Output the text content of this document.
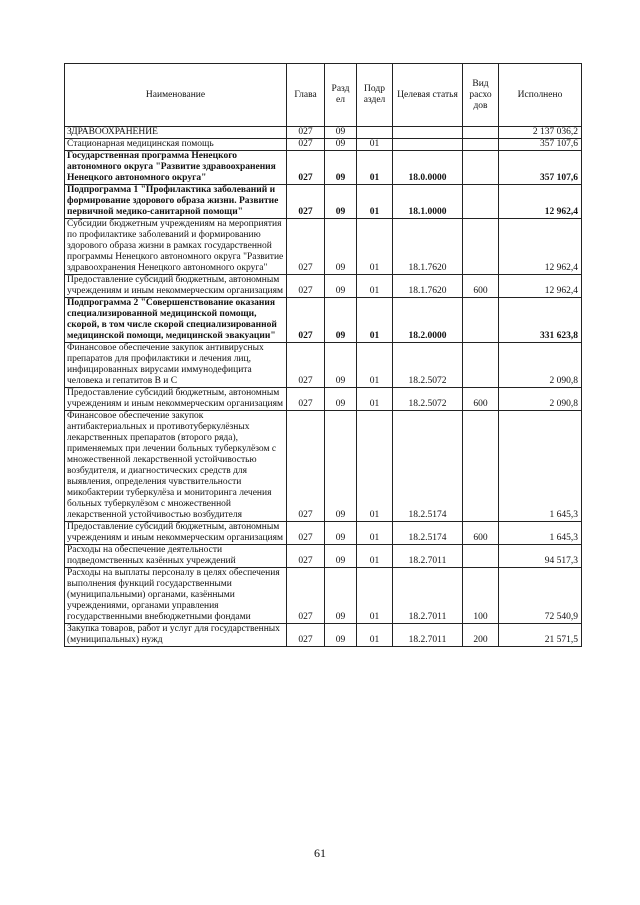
Наименование	Глава	Разд ел	Подр аздел	Целевая статья	Вид расхо дов	Исполнено
ЗДРАВООХРАНЕНИЕ	027	09				2 137 036,2
Стационарная медицинская помощь	027	09	01			357 107,6
Государственная программа Ненецкого автономного округа "Развитие здравоохранения Ненецкого автономного округа"	027	09	01	18.0.0000		357 107,6
Подпрограмма 1 "Профилактика заболеваний и формирование здорового образа жизни. Развитие первичной медико-санитарной помощи"	027	09	01	18.1.0000		12 962,4
Субсидии бюджетным учреждениям на мероприятия по профилактике заболеваний и формированию здорового образа жизни в рамках государственной программы Ненецкого автономного округа "Развитие здравоохранения Ненецкого автономного округа"	027	09	01	18.1.7620		12 962,4
Предоставление субсидий бюджетным, автономным учреждениям и иным некоммерческим организациям	027	09	01	18.1.7620	600	12 962,4
Подпрограмма 2 "Совершенствование оказания специализированной медицинской помощи, скорой, в том числе скорой специализированной медицинской помощи, медицинской эвакуации"	027	09	01	18.2.0000		331 623,8
Финансовое обеспечение закупок антивирусных препаратов для профилактики и лечения лиц, инфицированных вирусами иммунодефицита человека и гепатитов В и С	027	09	01	18.2.5072		2 090,8
Предоставление субсидий бюджетным, автономным учреждениям и иным некоммерческим организациям	027	09	01	18.2.5072	600	2 090,8
Финансовое обеспечение закупок антибактериальных и противотуберкулёзных лекарственных препаратов (второго ряда), применяемых при лечении больных туберкулёзом с множественной лекарственной устойчивостью возбудителя, и диагностических средств для выявления, определения чувствительности микобактерии туберкулёза и мониторинга лечения больных туберкулёзом с множественной лекарственной устойчивостью возбудителя	027	09	01	18.2.5174		1 645,3
Предоставление субсидий бюджетным, автономным учреждениям и иным некоммерческим организациям	027	09	01	18.2.5174	600	1 645,3
Расходы на обеспечение деятельности подведомственных казённых учреждений	027	09	01	18.2.7011		94 517,3
Расходы на выплаты персоналу в целях обеспечения выполнения функций государственными (муниципальными) органами, казёнными учреждениями, органами управления государственными внебюджетными фондами	027	09	01	18.2.7011	100	72 540,9
Закупка товаров, работ и услуг для государственных (муниципальных) нужд	027	09	01	18.2.7011	200	21 571,5
61
